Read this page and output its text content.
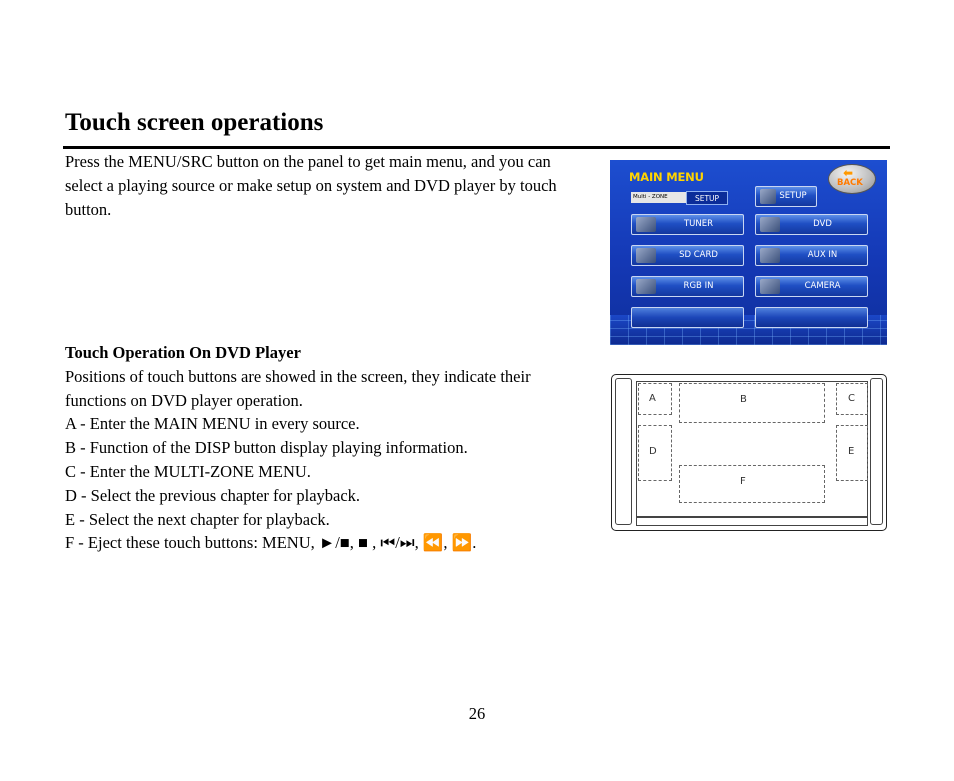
Touch screen operations
Press the MENU/SRC button on the panel to get main menu, and you can select a playing source or make setup on system and DVD player by touch button.
MAIN MENU	⬅
BACK
Multi - ZONE	SETUP	SETUP
TUNER	DVD
SD CARD	AUX IN
RGB IN	CAMERA
Touch Operation On DVD Player
Positions of touch buttons are showed in the screen, they indicate their
functions on DVD player operation.
A - Enter the MAIN MENU in every source.
B - Function of the DISP button display playing information.
C - Enter the MULTI-ZONE MENU.
D - Select the previous chapter for playback.
E - Select the next chapter for playback.
F - Eject these touch buttons: MENU, ►/■, ■ , ⏮/⏭, ⏪, ⏩.
A	B	C
D	E
F
26
